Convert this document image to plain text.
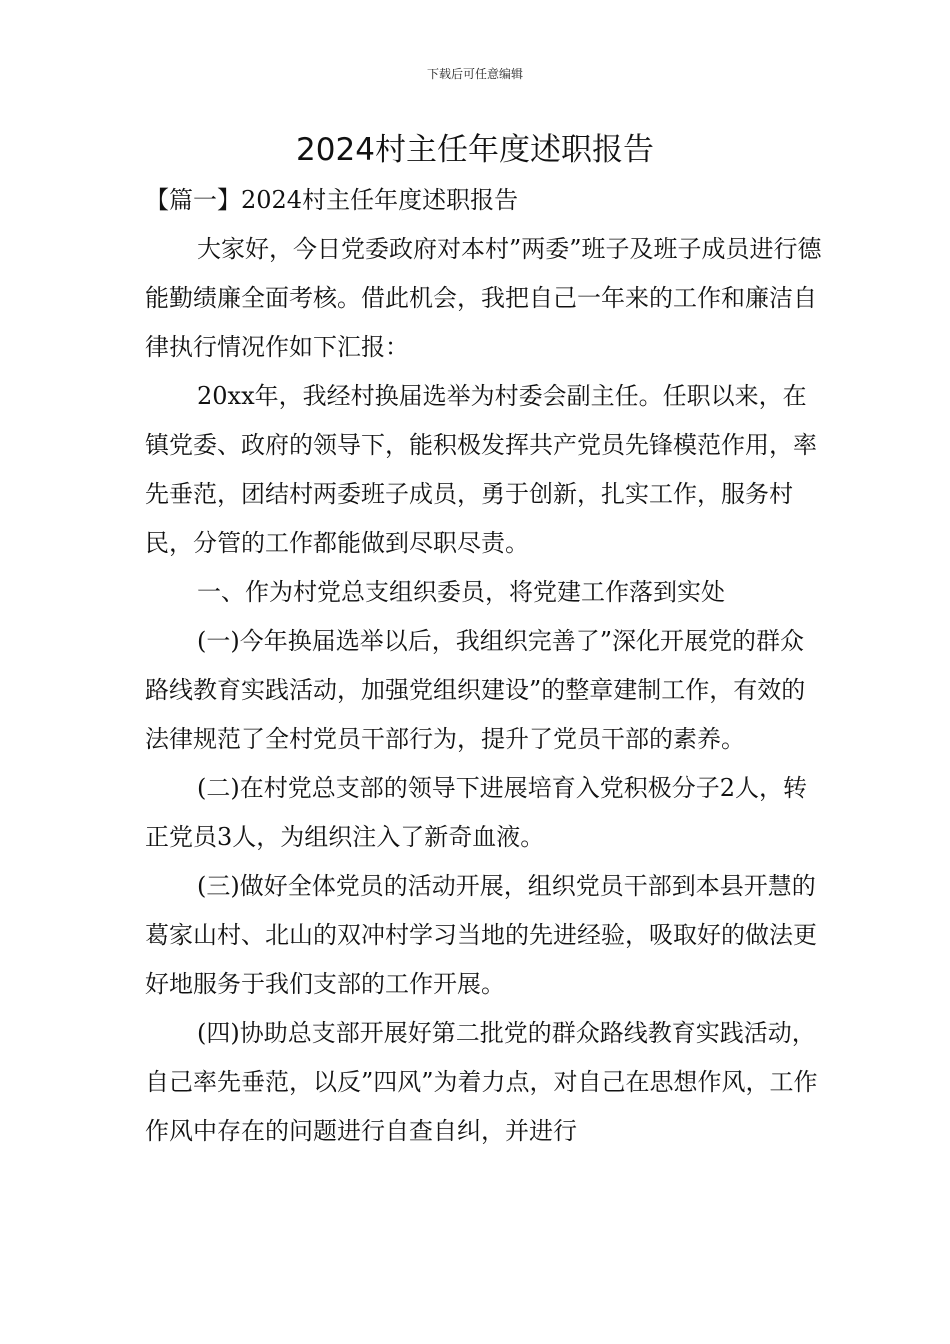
下载后可任意编辑
2024村主任年度述职报告

【篇一】2024村主任年度述职报告

大家好，今日党委政府对本村”两委”班子及班子成员进行德能勤绩廉全面考核。借此机会，我把自己一年来的工作和廉洁自律执行情况作如下汇报：

20xx年，我经村换届选举为村委会副主任。任职以来，在镇党委、政府的领导下，能积极发挥共产党员先锋模范作用，率先垂范，团结村两委班子成员，勇于创新，扎实工作，服务村民，分管的工作都能做到尽职尽责。

一、作为村党总支组织委员，将党建工作落到实处

(一)今年换届选举以后，我组织完善了”深化开展党的群众路线教育实践活动，加强党组织建设”的整章建制工作，有效的法律规范了全村党员干部行为，提升了党员干部的素养。

(二)在村党总支部的领导下进展培育入党积极分子2人，转正党员3人，为组织注入了新奇血液。

(三)做好全体党员的活动开展，组织党员干部到本县开慧的葛家山村、北山的双冲村学习当地的先进经验，吸取好的做法更好地服务于我们支部的工作开展。

(四)协助总支部开展好第二批党的群众路线教育实践活动，自己率先垂范，以反”四风”为着力点，对自己在思想作风，工作作风中存在的问题进行自查自纠，并进行
